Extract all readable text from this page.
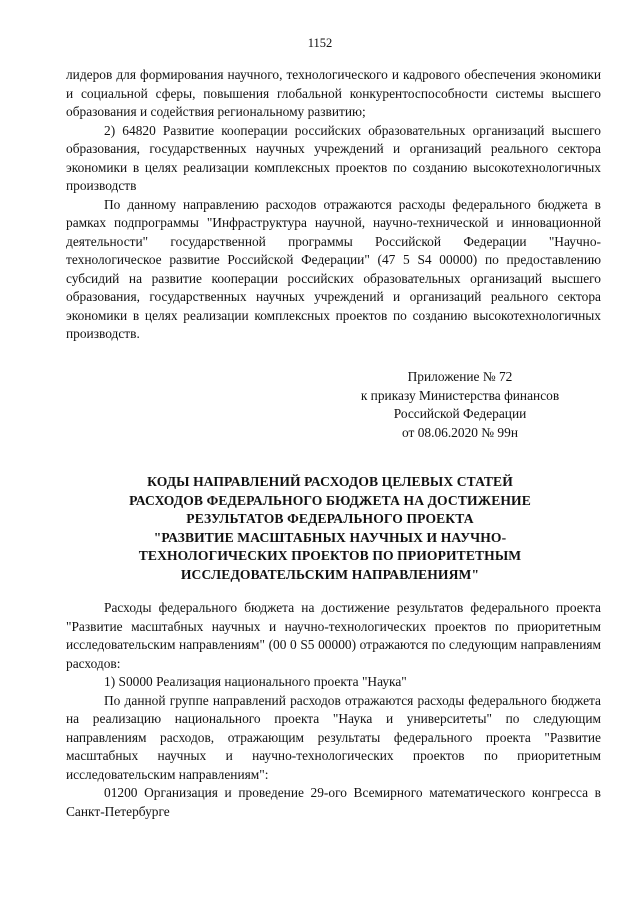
1152

лидеров для формирования научного, технологического и кадрового обеспечения экономики и социальной сферы, повышения глобальной конкурентоспособности системы высшего образования и содействия региональному развитию;

2) 64820 Развитие кооперации российских образовательных организаций высшего образования, государственных научных учреждений и организаций реального сектора экономики в целях реализации комплексных проектов по созданию высокотехнологичных производств

По данному направлению расходов отражаются расходы федерального бюджета в рамках подпрограммы "Инфраструктура научной, научно-технической и инновационной деятельности" государственной программы Российской Федерации "Научно-технологическое развитие Российской Федерации" (47 5 S4 00000) по предоставлению субсидий на развитие кооперации российских образовательных организаций высшего образования, государственных научных учреждений и организаций реального сектора экономики в целях реализации комплексных проектов по созданию высокотехнологичных производств.

Приложение № 72
к приказу Министерства финансов
Российской Федерации
от 08.06.2020 № 99н
КОДЫ НАПРАВЛЕНИЙ РАСХОДОВ ЦЕЛЕВЫХ СТАТЕЙ
РАСХОДОВ ФЕДЕРАЛЬНОГО БЮДЖЕТА НА ДОСТИЖЕНИЕ
РЕЗУЛЬТАТОВ ФЕДЕРАЛЬНОГО ПРОЕКТА
"РАЗВИТИЕ МАСШТАБНЫХ НАУЧНЫХ И НАУЧНО-
ТЕХНОЛОГИЧЕСКИХ ПРОЕКТОВ ПО ПРИОРИТЕТНЫМ
ИССЛЕДОВАТЕЛЬСКИМ НАПРАВЛЕНИЯМ"

Расходы федерального бюджета на достижение результатов федерального проекта "Развитие масштабных научных и научно-технологических проектов по приоритетным исследовательским направлениям" (00 0 S5 00000) отражаются по следующим направлениям расходов:

1) S0000 Реализация национального проекта "Наука"

По данной группе направлений расходов отражаются расходы федерального бюджета на реализацию национального проекта "Наука и университеты" по следующим направлениям расходов, отражающим результаты федерального проекта "Развитие масштабных научных и научно-технологических проектов по приоритетным исследовательским направлениям":

01200 Организация и проведение 29-ого Всемирного математического конгресса в Санкт-Петербурге
